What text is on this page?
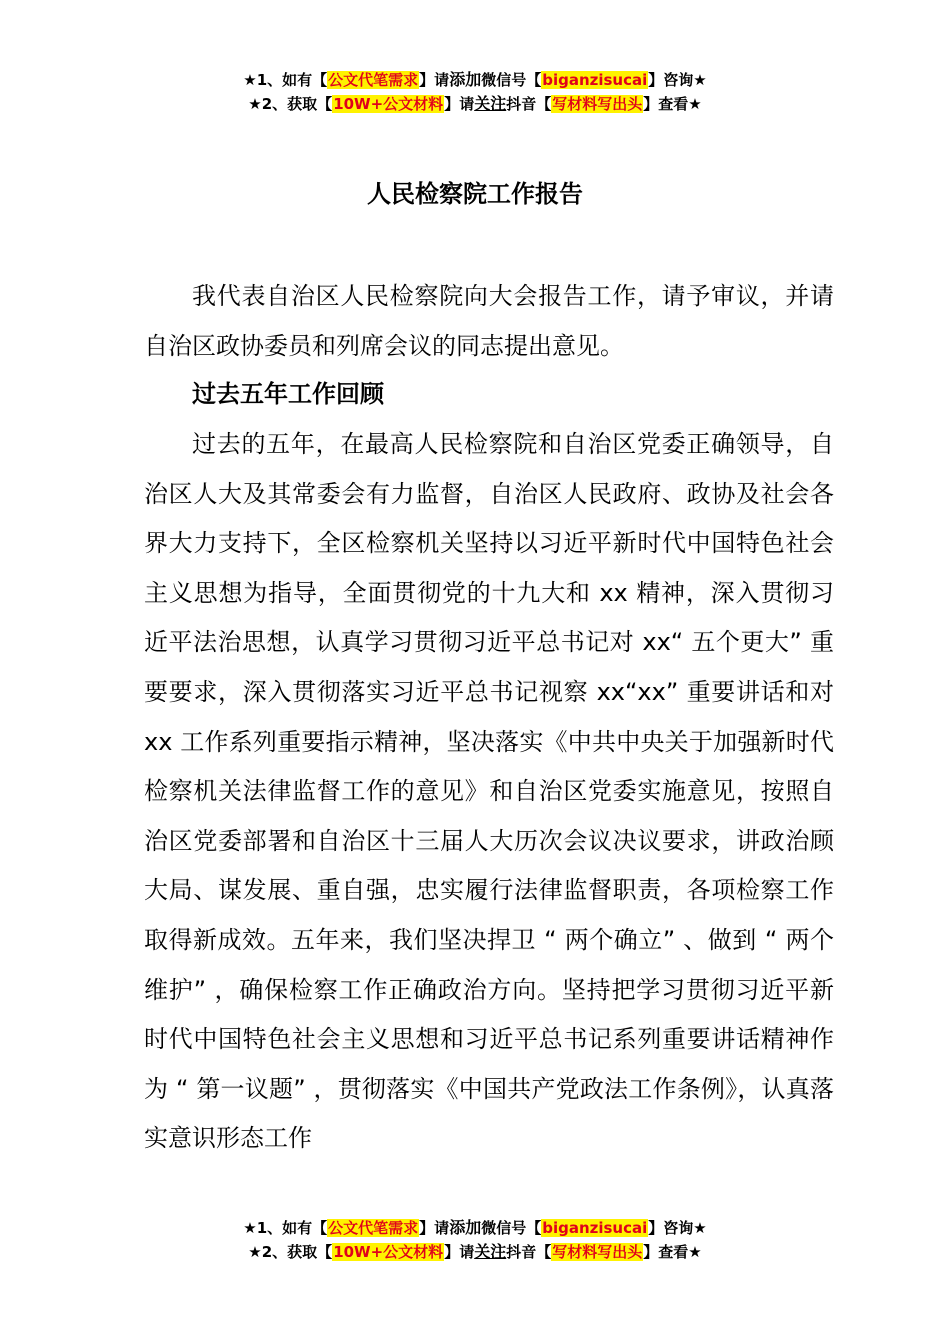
★1、如有【公文代笔需求】请添加微信号【biganzisucai】咨询★
★2、获取【10W+公文材料】请关注抖音【写材料写出头】查看★
人民检察院工作报告

我代表自治区人民检察院向大会报告工作，请予审议，并请自治区政协委员和列席会议的同志提出意见。

过去五年工作回顾

过去的五年，在最高人民检察院和自治区党委正确领导，自治区人大及其常委会有力监督，自治区人民政府、政协及社会各界大力支持下，全区检察机关坚持以习近平新时代中国特色社会主义思想为指导，全面贯彻党的十九大和 xx 精神，深入贯彻习近平法治思想，认真学习贯彻习近平总书记对 xx“ 五个更大” 重要要求，深入贯彻落实习近平总书记视察 xx“xx” 重要讲话和对 xx 工作系列重要指示精神，坚决落实《中共中央关于加强新时代检察机关法律监督工作的意见》和自治区党委实施意见，按照自治区党委部署和自治区十三届人大历次会议决议要求，讲政治顾大局、谋发展、重自强，忠实履行法律监督职责，各项检察工作取得新成效。五年来，我们坚决捍卫 “ 两个确立” 、做到 “ 两个维护” ，确保检察工作正确政治方向。坚持把学习贯彻习近平新时代中国特色社会主义思想和习近平总书记系列重要讲话精神作为 “ 第一议题” ，贯彻落实《中国共产党政法工作条例》，认真落实意识形态工作

★1、如有【公文代笔需求】请添加微信号【biganzisucai】咨询★
★2、获取【10W+公文材料】请关注抖音【写材料写出头】查看★
